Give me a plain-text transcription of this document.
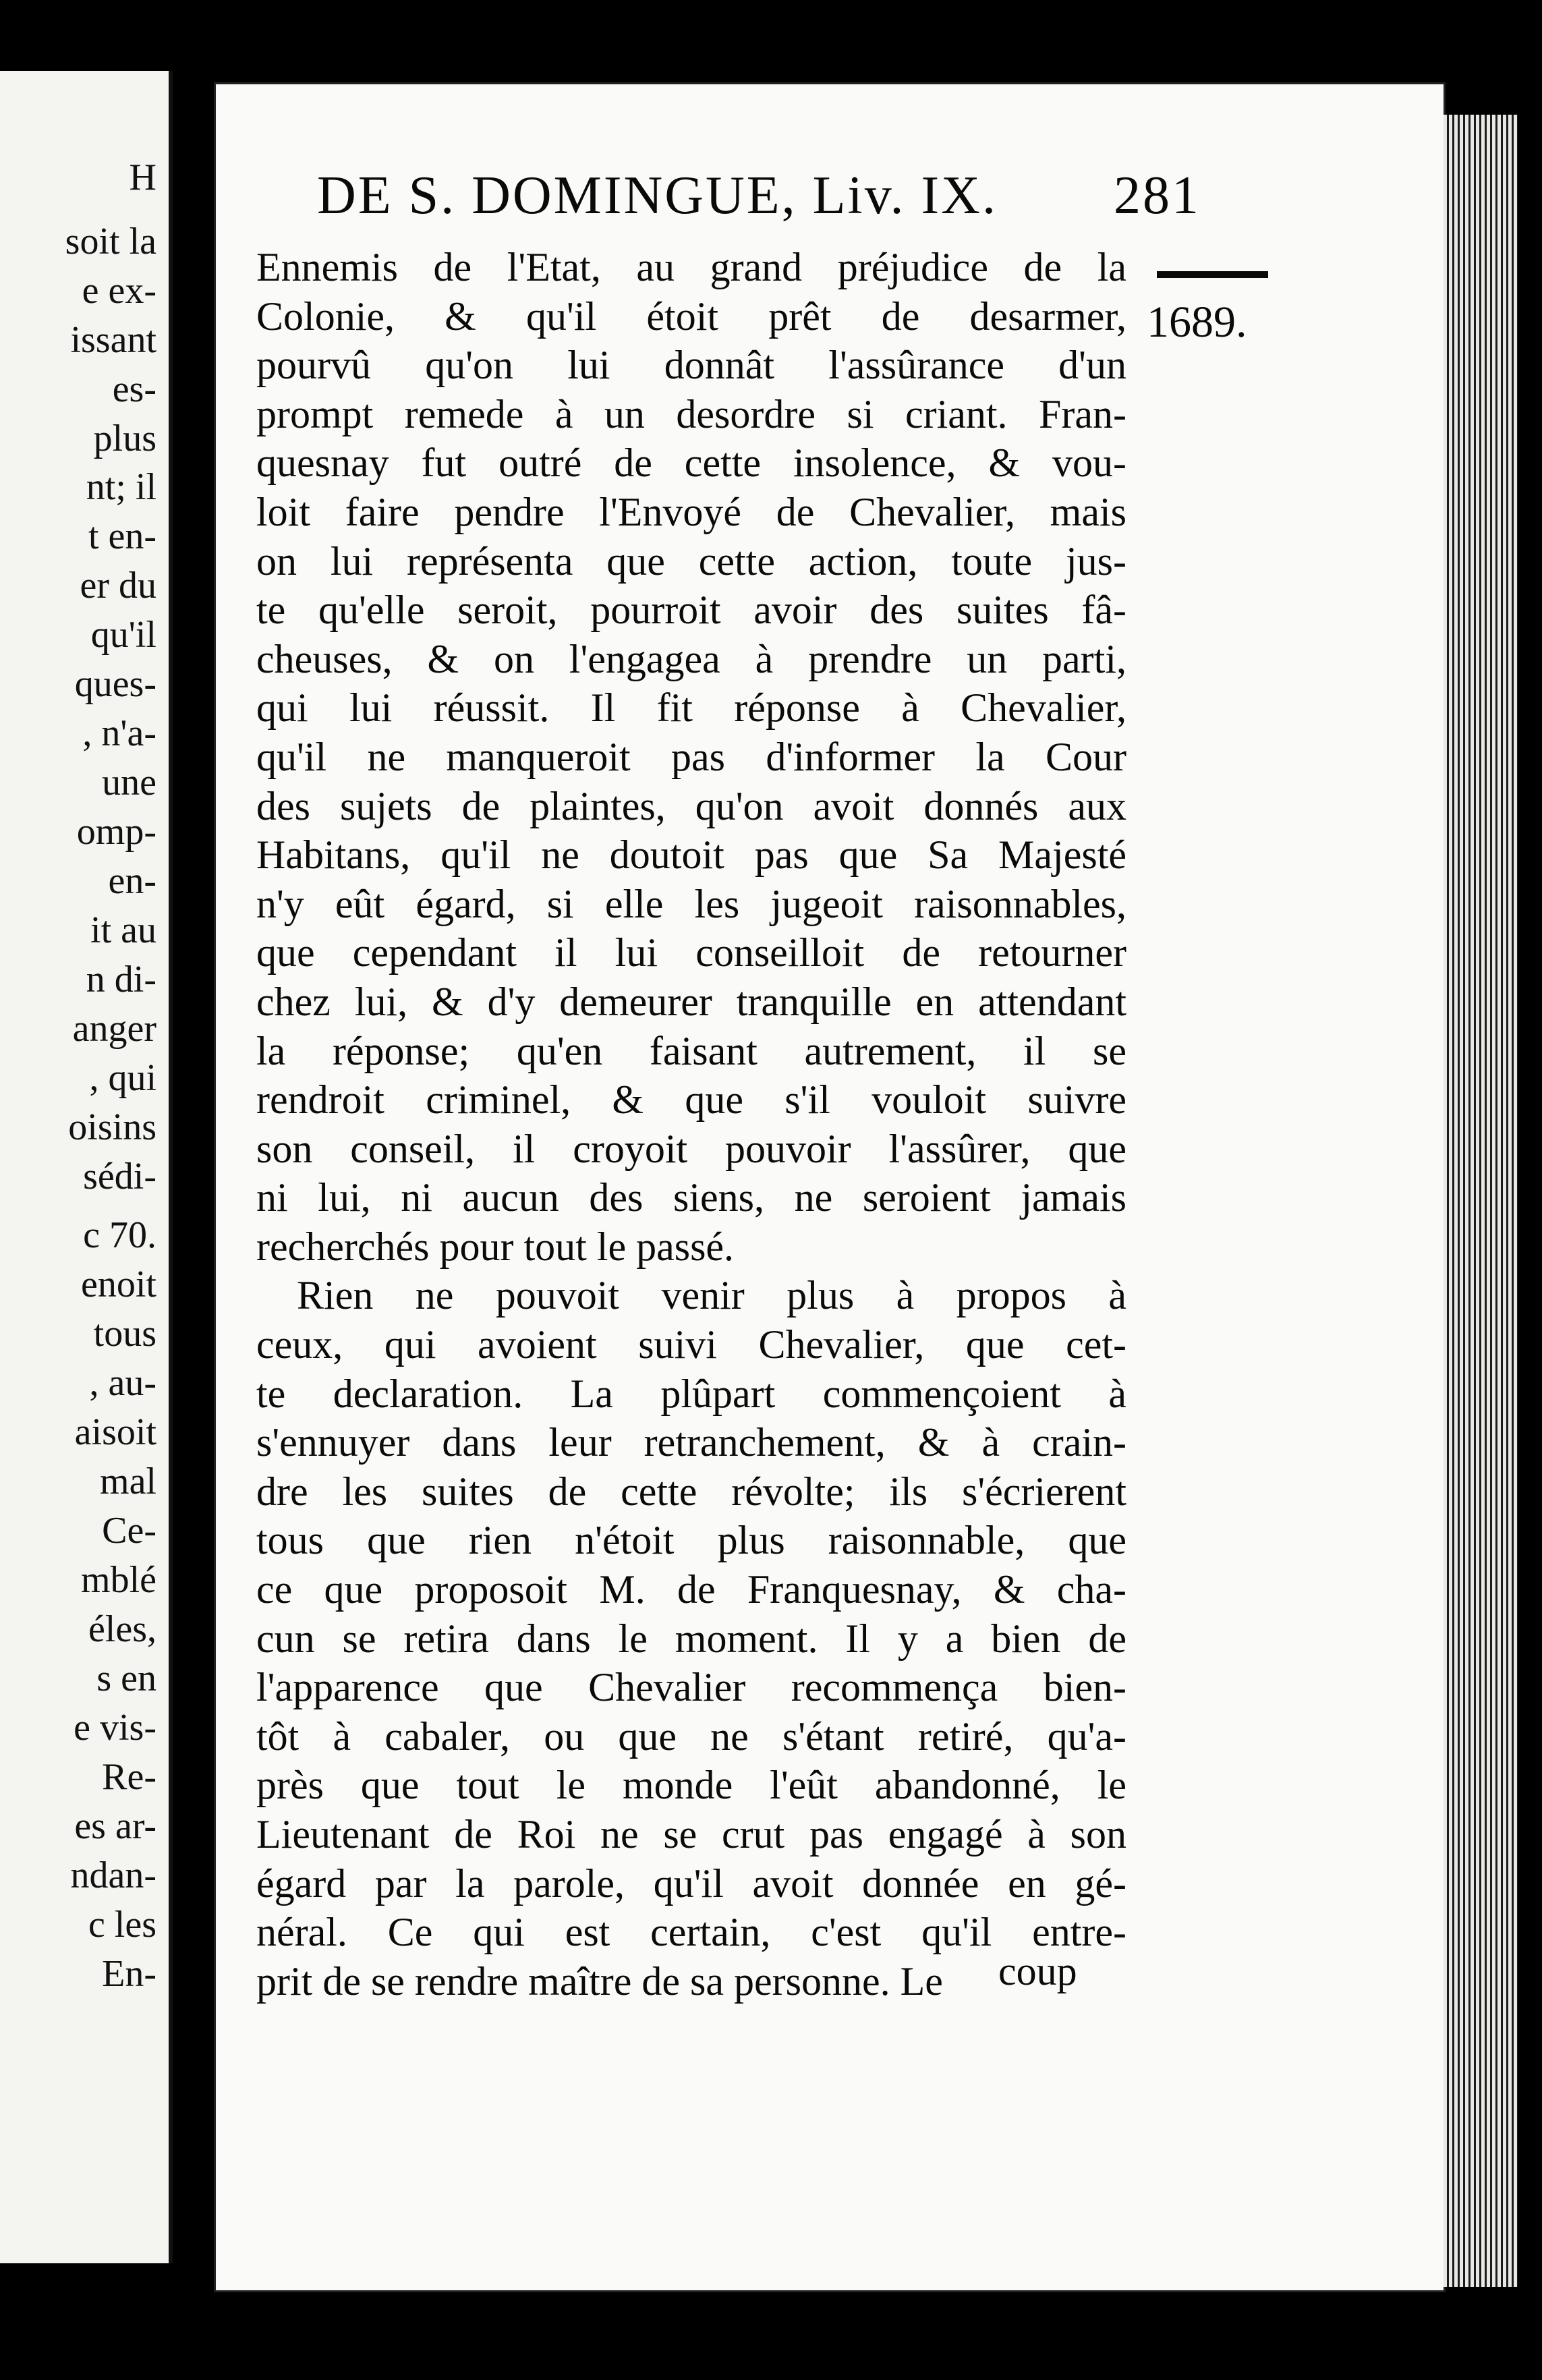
H
soit la
e ex-
issant
es-
plus
nt; il
t en-
er du
qu'il
ques-
, n'a-
une
omp-
en-
it au
n di-
anger
, qui
oisins
sédi-
c 70.
enoit
tous
, au-
aisoit
mal
Ce-
mblé
éles,
s en
e vis-
Re-
es ar-
ndan-
c les
En-
DE S. DOMINGUE, Liv. IX. 281
1689.
Ennemis de l'Etat, au grand préjudice de la
Colonie, & qu'il étoit prêt de desarmer,
pourvû qu'on lui donnât l'assûrance d'un
prompt remede à un desordre si criant. Fran-
quesnay fut outré de cette insolence, & vou-
loit faire pendre l'Envoyé de Chevalier, mais
on lui représenta que cette action, toute jus-
te qu'elle seroit, pourroit avoir des suites fâ-
cheuses, & on l'engagea à prendre un parti,
qui lui réussit. Il fit réponse à Chevalier,
qu'il ne manqueroit pas d'informer la Cour
des sujets de plaintes, qu'on avoit donnés aux
Habitans, qu'il ne doutoit pas que Sa Majesté
n'y eût égard, si elle les jugeoit raisonnables,
que cependant il lui conseilloit de retourner
chez lui, & d'y demeurer tranquille en attendant
la réponse; qu'en faisant autrement, il se
rendroit criminel, & que s'il vouloit suivre
son conseil, il croyoit pouvoir l'assûrer, que
ni lui, ni aucun des siens, ne seroient jamais
recherchés pour tout le passé.
Rien ne pouvoit venir plus à propos à
ceux, qui avoient suivi Chevalier, que cet-
te declaration. La plûpart commençoient à
s'ennuyer dans leur retranchement, & à crain-
dre les suites de cette révolte; ils s'écrierent
tous que rien n'étoit plus raisonnable, que
ce que proposoit M. de Franquesnay, & cha-
cun se retira dans le moment. Il y a bien de
l'apparence que Chevalier recommença bien-
tôt à cabaler, ou que ne s'étant retiré, qu'a-
près que tout le monde l'eût abandonné, le
Lieutenant de Roi ne se crut pas engagé à son
égard par la parole, qu'il avoit donnée en gé-
néral. Ce qui est certain, c'est qu'il entre-
prit de se rendre maître de sa personne. Le	coup
